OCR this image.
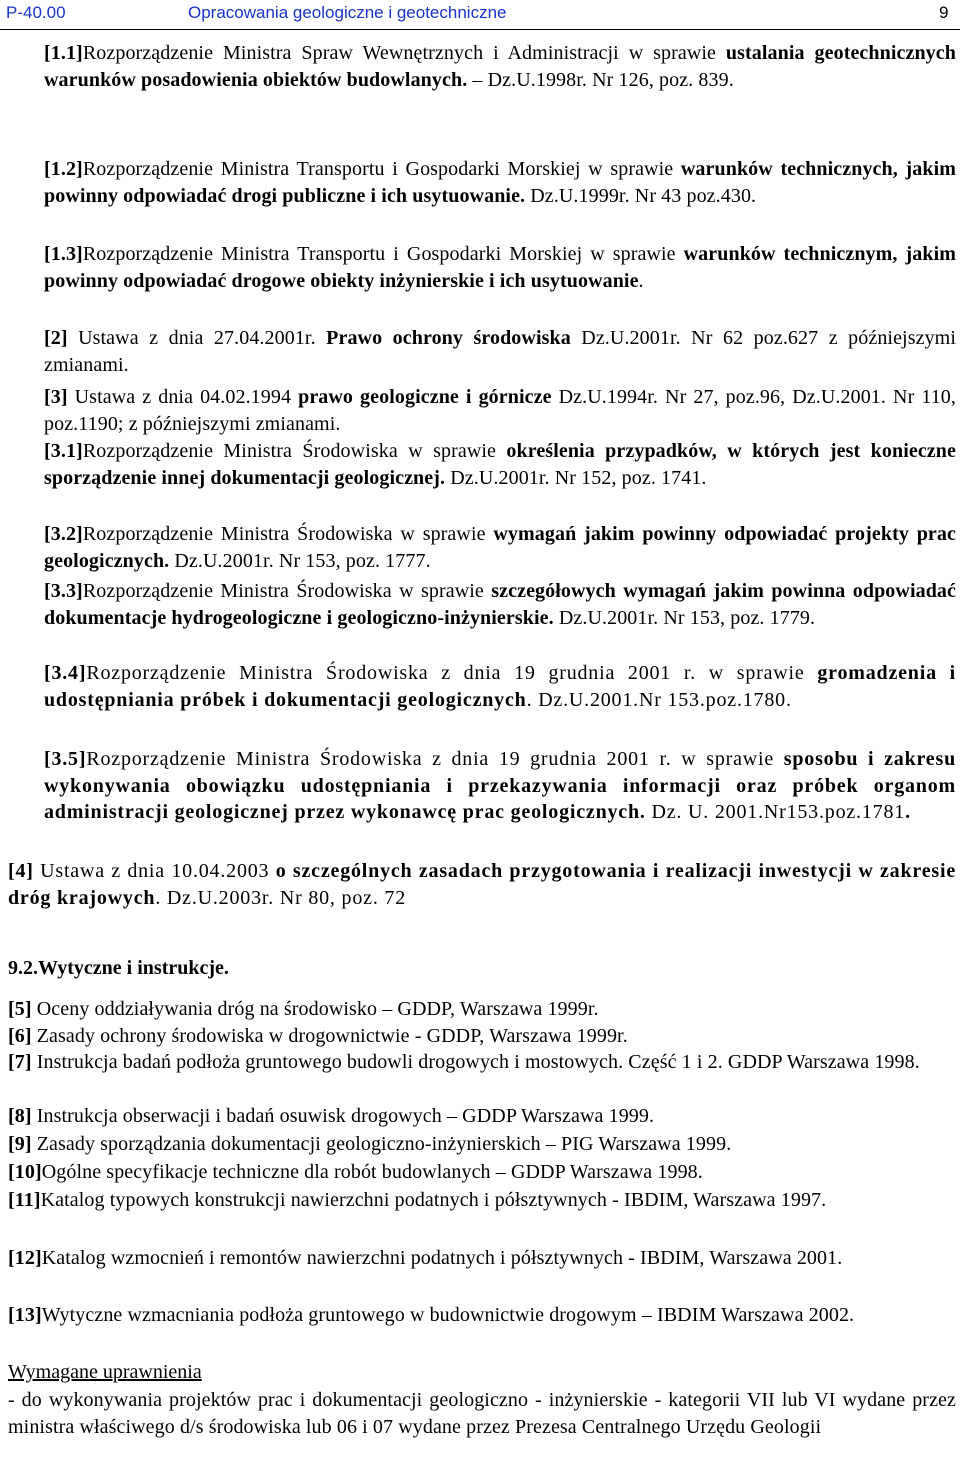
P-40.00	Opracowania geologiczne i geotechniczne	9
[1.1]Rozporządzenie Ministra Spraw Wewnętrznych i Administracji w sprawie ustalania geotechnicznych warunków posadowienia obiektów budowlanych. – Dz.U.1998r. Nr 126, poz. 839.
[1.2]Rozporządzenie Ministra Transportu i Gospodarki Morskiej w sprawie warunków technicznych, jakim powinny odpowiadać drogi publiczne i ich usytuowanie. Dz.U.1999r. Nr 43 poz.430.
[1.3]Rozporządzenie Ministra Transportu i Gospodarki Morskiej w sprawie warunków technicznym, jakim powinny odpowiadać drogowe obiekty inżynierskie i ich usytuowanie.
[2] Ustawa z dnia 27.04.2001r. Prawo ochrony środowiska Dz.U.2001r. Nr 62 poz.627 z późniejszymi zmianami.
[3] Ustawa z dnia 04.02.1994 prawo geologiczne i górnicze Dz.U.1994r. Nr 27, poz.96, Dz.U.2001. Nr 110, poz.1190; z późniejszymi zmianami.
[3.1]Rozporządzenie Ministra Środowiska w sprawie określenia przypadków, w których jest konieczne sporządzenie innej dokumentacji geologicznej. Dz.U.2001r. Nr 152, poz. 1741.
[3.2]Rozporządzenie Ministra Środowiska w sprawie wymagań jakim powinny odpowiadać projekty prac geologicznych. Dz.U.2001r. Nr 153, poz. 1777.
[3.3]Rozporządzenie Ministra Środowiska w sprawie szczegółowych wymagań jakim powinna odpowiadać dokumentacje hydrogeologiczne i geologiczno-inżynierskie. Dz.U.2001r. Nr 153, poz. 1779.
[3.4]Rozporządzenie Ministra Środowiska z dnia 19 grudnia 2001 r. w sprawie gromadzenia i udostępniania próbek i dokumentacji geologicznych. Dz.U.2001.Nr 153.poz.1780.
[3.5]Rozporządzenie Ministra Środowiska z dnia 19 grudnia 2001 r. w sprawie sposobu i zakresu wykonywania obowiązku udostępniania i przekazywania informacji oraz próbek organom administracji geologicznej przez wykonawcę prac geologicznych. Dz. U. 2001.Nr153.poz.1781.
[4] Ustawa z dnia 10.04.2003 o szczególnych zasadach przygotowania i realizacji inwestycji w zakresie dróg krajowych. Dz.U.2003r. Nr 80, poz. 72
9.2.Wytyczne i instrukcje.
[5] Oceny oddziaływania dróg na środowisko – GDDP, Warszawa 1999r.
[6] Zasady ochrony środowiska w drogownictwie - GDDP, Warszawa 1999r.
[7] Instrukcja badań podłoża gruntowego budowli drogowych i mostowych. Część 1 i 2. GDDP Warszawa 1998.
[8] Instrukcja obserwacji i badań osuwisk drogowych – GDDP Warszawa 1999.
[9] Zasady sporządzania dokumentacji geologiczno-inżynierskich – PIG Warszawa 1999.
[10]Ogólne specyfikacje techniczne dla robót budowlanych – GDDP Warszawa 1998.
[11]Katalog typowych konstrukcji nawierzchni podatnych i półsztywnych - IBDIM, Warszawa 1997.
[12]Katalog wzmocnień i remontów nawierzchni podatnych i półsztywnych - IBDIM, Warszawa 2001.
[13]Wytyczne wzmacniania podłoża gruntowego w budownictwie drogowym – IBDIM Warszawa 2002.
Wymagane uprawnienia
- do wykonywania projektów prac i dokumentacji geologiczno - inżynierskie - kategorii VII lub VI wydane przez ministra właściwego d/s środowiska lub 06 i 07 wydane przez Prezesa Centralnego Urzędu Geologii
